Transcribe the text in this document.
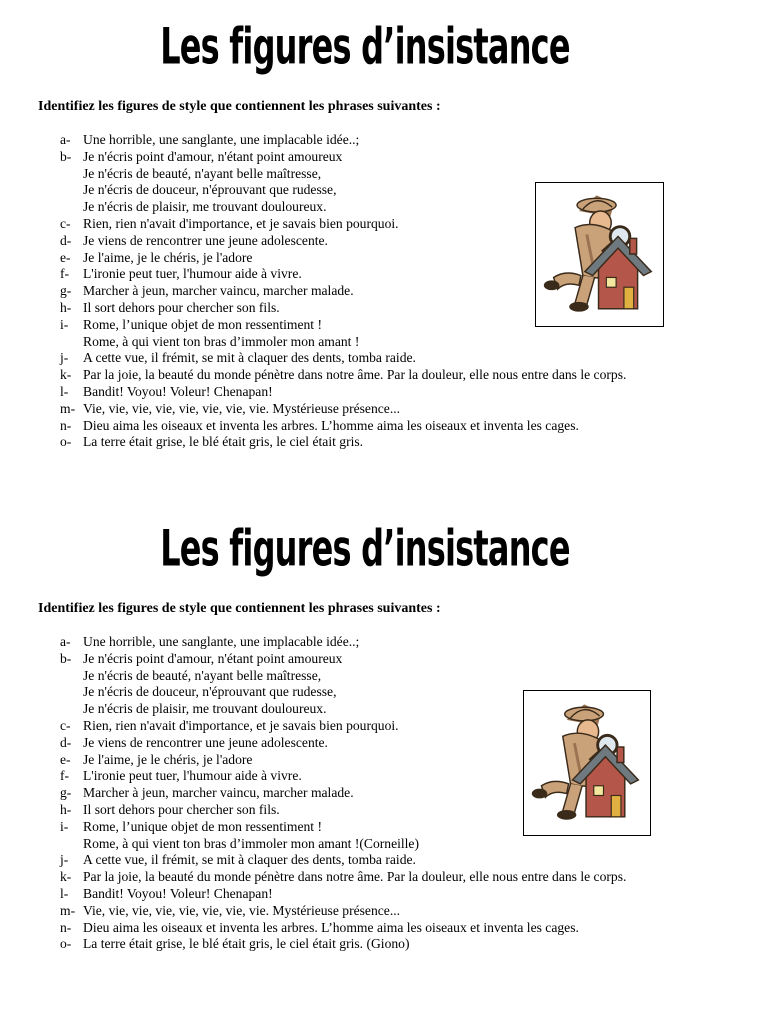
Les figures d’insistance
Identifiez les figures de style que contiennent les phrases suivantes :
a- Une horrible, une sanglante, une implacable idée..;
b- Je n'écris point d'amour, n'étant point amoureux
Je n'écris de beauté, n'ayant belle maîtresse,
Je n'écris de douceur, n'éprouvant que rudesse,
Je n'écris de plaisir, me trouvant douloureux.
c- Rien, rien n'avait d'importance, et je savais bien pourquoi.
d- Je viens de rencontrer une jeune adolescente.
e- Je l'aime, je le chéris, je l'adore
f-	L'ironie peut tuer, l'humour aide à vivre.
g- Marcher à jeun, marcher vaincu, marcher malade.
h- Il sort dehors pour chercher son fils.
i-	Rome, l’unique objet de mon ressentiment !
Rome, à qui vient ton bras d’immoler mon amant !
j-	A cette vue, il frémit, se mit à claquer des dents, tomba raide.
k- Par la joie, la beauté du monde pénètre dans notre âme. Par la douleur, elle nous entre dans le corps.
l-	Bandit! Voyou! Voleur! Chenapan!
m- Vie, vie, vie, vie, vie, vie, vie, vie. Mystérieuse présence...
n- Dieu aima les oiseaux et inventa les arbres. L’homme aima les oiseaux et inventa les cages.
o- La terre était grise, le blé était gris, le ciel était gris.
Les figures d’insistance
Identifiez les figures de style que contiennent les phrases suivantes :
a- Une horrible, une sanglante, une implacable idée..;
b- Je n'écris point d'amour, n'étant point amoureux
Je n'écris de beauté, n'ayant belle maîtresse,
Je n'écris de douceur, n'éprouvant que rudesse,
Je n'écris de plaisir, me trouvant douloureux.
c- Rien, rien n'avait d'importance, et je savais bien pourquoi.
d- Je viens de rencontrer une jeune adolescente.
e- Je l'aime, je le chéris, je l'adore
f-	L'ironie peut tuer, l'humour aide à vivre.
g- Marcher à jeun, marcher vaincu, marcher malade.
h- Il sort dehors pour chercher son fils.
i-	Rome, l’unique objet de mon ressentiment !
Rome, à qui vient ton bras d’immoler mon amant !(Corneille)
j-	A cette vue, il frémit, se mit à claquer des dents, tomba raide.
k- Par la joie, la beauté du monde pénètre dans notre âme. Par la douleur, elle nous entre dans le corps.
l-	Bandit! Voyou! Voleur! Chenapan!
m- Vie, vie, vie, vie, vie, vie, vie, vie. Mystérieuse présence...
n- Dieu aima les oiseaux et inventa les arbres. L’homme aima les oiseaux et inventa les cages.
o- La terre était grise, le blé était gris, le ciel était gris. (Giono)
